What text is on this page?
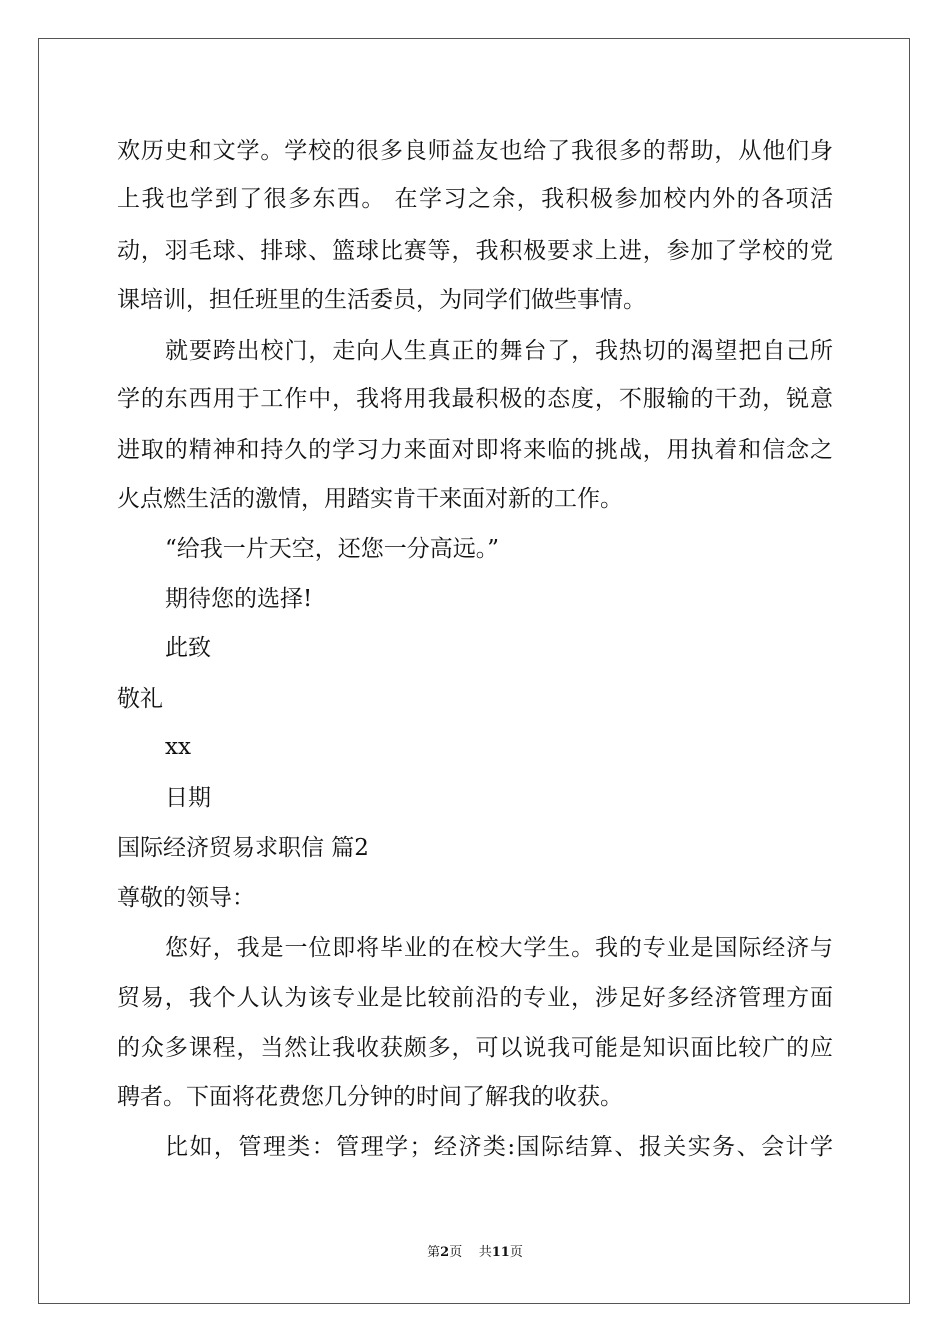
欢历史和文学。学校的很多良师益友也给了我很多的帮助，从他们身
上我也学到了很多东西。 在学习之余，我积极参加校内外的各项活
动，羽毛球、排球、篮球比赛等，我积极要求上进，参加了学校的党
课培训，担任班里的生活委员，为同学们做些事情。
就要跨出校门，走向人生真正的舞台了，我热切的渴望把自己所
学的东西用于工作中，我将用我最积极的态度，不服输的干劲，锐意
进取的精神和持久的学习力来面对即将来临的挑战，用执着和信念之
火点燃生活的激情，用踏实肯干来面对新的工作。
“给我一片天空，还您一分高远。”
期待您的选择!
此致
敬礼
xx
日期
国际经济贸易求职信 篇2
尊敬的领导：
您好，我是一位即将毕业的在校大学生。我的专业是国际经济与
贸易，我个人认为该专业是比较前沿的专业，涉足好多经济管理方面
的众多课程，当然让我收获颇多，可以说我可能是知识面比较广的应
聘者。下面将花费您几分钟的时间了解我的收获。
比如，管理类：管理学；经济类:国际结算、报关实务、会计学
第2页    共11页
